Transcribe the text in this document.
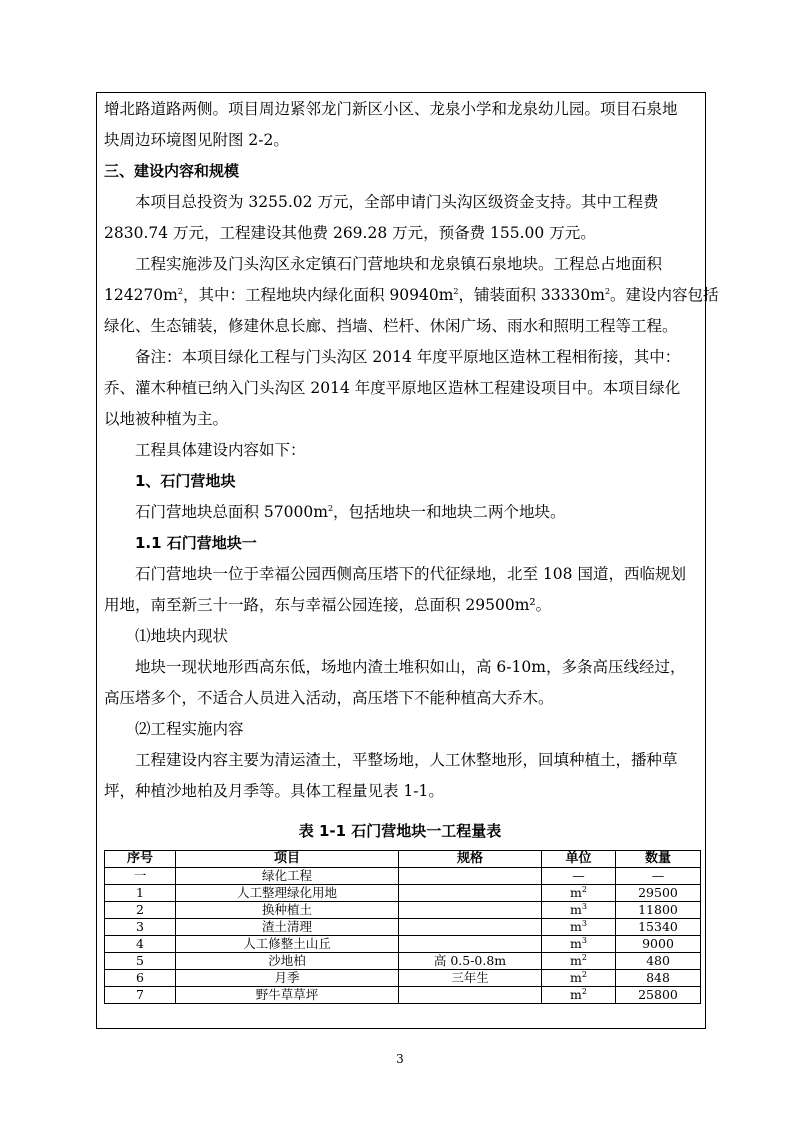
增北路道路两侧。项目周边紧邻龙门新区小区、龙泉小学和龙泉幼儿园。项目石泉地
块周边环境图见附图 2-2。
三、建设内容和规模
本项目总投资为 3255.02 万元，全部申请门头沟区级资金支持。其中工程费
2830.74 万元，工程建设其他费 269.28 万元，预备费 155.00 万元。
工程实施涉及门头沟区永定镇石门营地块和龙泉镇石泉地块。工程总占地面积
$124270m^2$，其中：工程地块内绿化面积 $90940m^2$，铺装面积 $33330m^2$。建设内容包括
绿化、生态铺装，修建休息长廊、挡墙、栏杆、休闲广场、雨水和照明工程等工程。
备注：本项目绿化工程与门头沟区 2014 年度平原地区造林工程相衔接，其中：
乔、灌木种植已纳入门头沟区 2014 年度平原地区造林工程建设项目中。本项目绿化
以地被种植为主。
工程具体建设内容如下：
1、石门营地块
石门营地块总面积 $57000m^2$，包括地块一和地块二两个地块。
1.1 石门营地块一
石门营地块一位于幸福公园西侧高压塔下的代征绿地，北至 108 国道，西临规划
用地，南至新三十一路，东与幸福公园连接，总面积 29500m²。
⑴地块内现状
地块一现状地形西高东低，场地内渣土堆积如山，高 6-10m，多条高压线经过，
高压塔多个，不适合人员进入活动，高压塔下不能种植高大乔木。
⑵工程实施内容
工程建设内容主要为清运渣土，平整场地，人工休整地形，回填种植土，播种草
坪，种植沙地柏及月季等。具体工程量见表 1-1。
表 1-1 石门营地块一工程量表
序号	项目	规格	单位	数量
一	绿化工程		—	—
1	人工整理绿化用地		$m^2$	29500
2	换种植土		$m^3$	11800
3	渣土清理		$m^3$	15340
4	人工修整土山丘		$m^3$	9000
5	沙地柏	高 0.5-0.8m	$m^2$	480
6	月季	三年生	$m^2$	848
7	野牛草草坪		$m^2$	25800
3
